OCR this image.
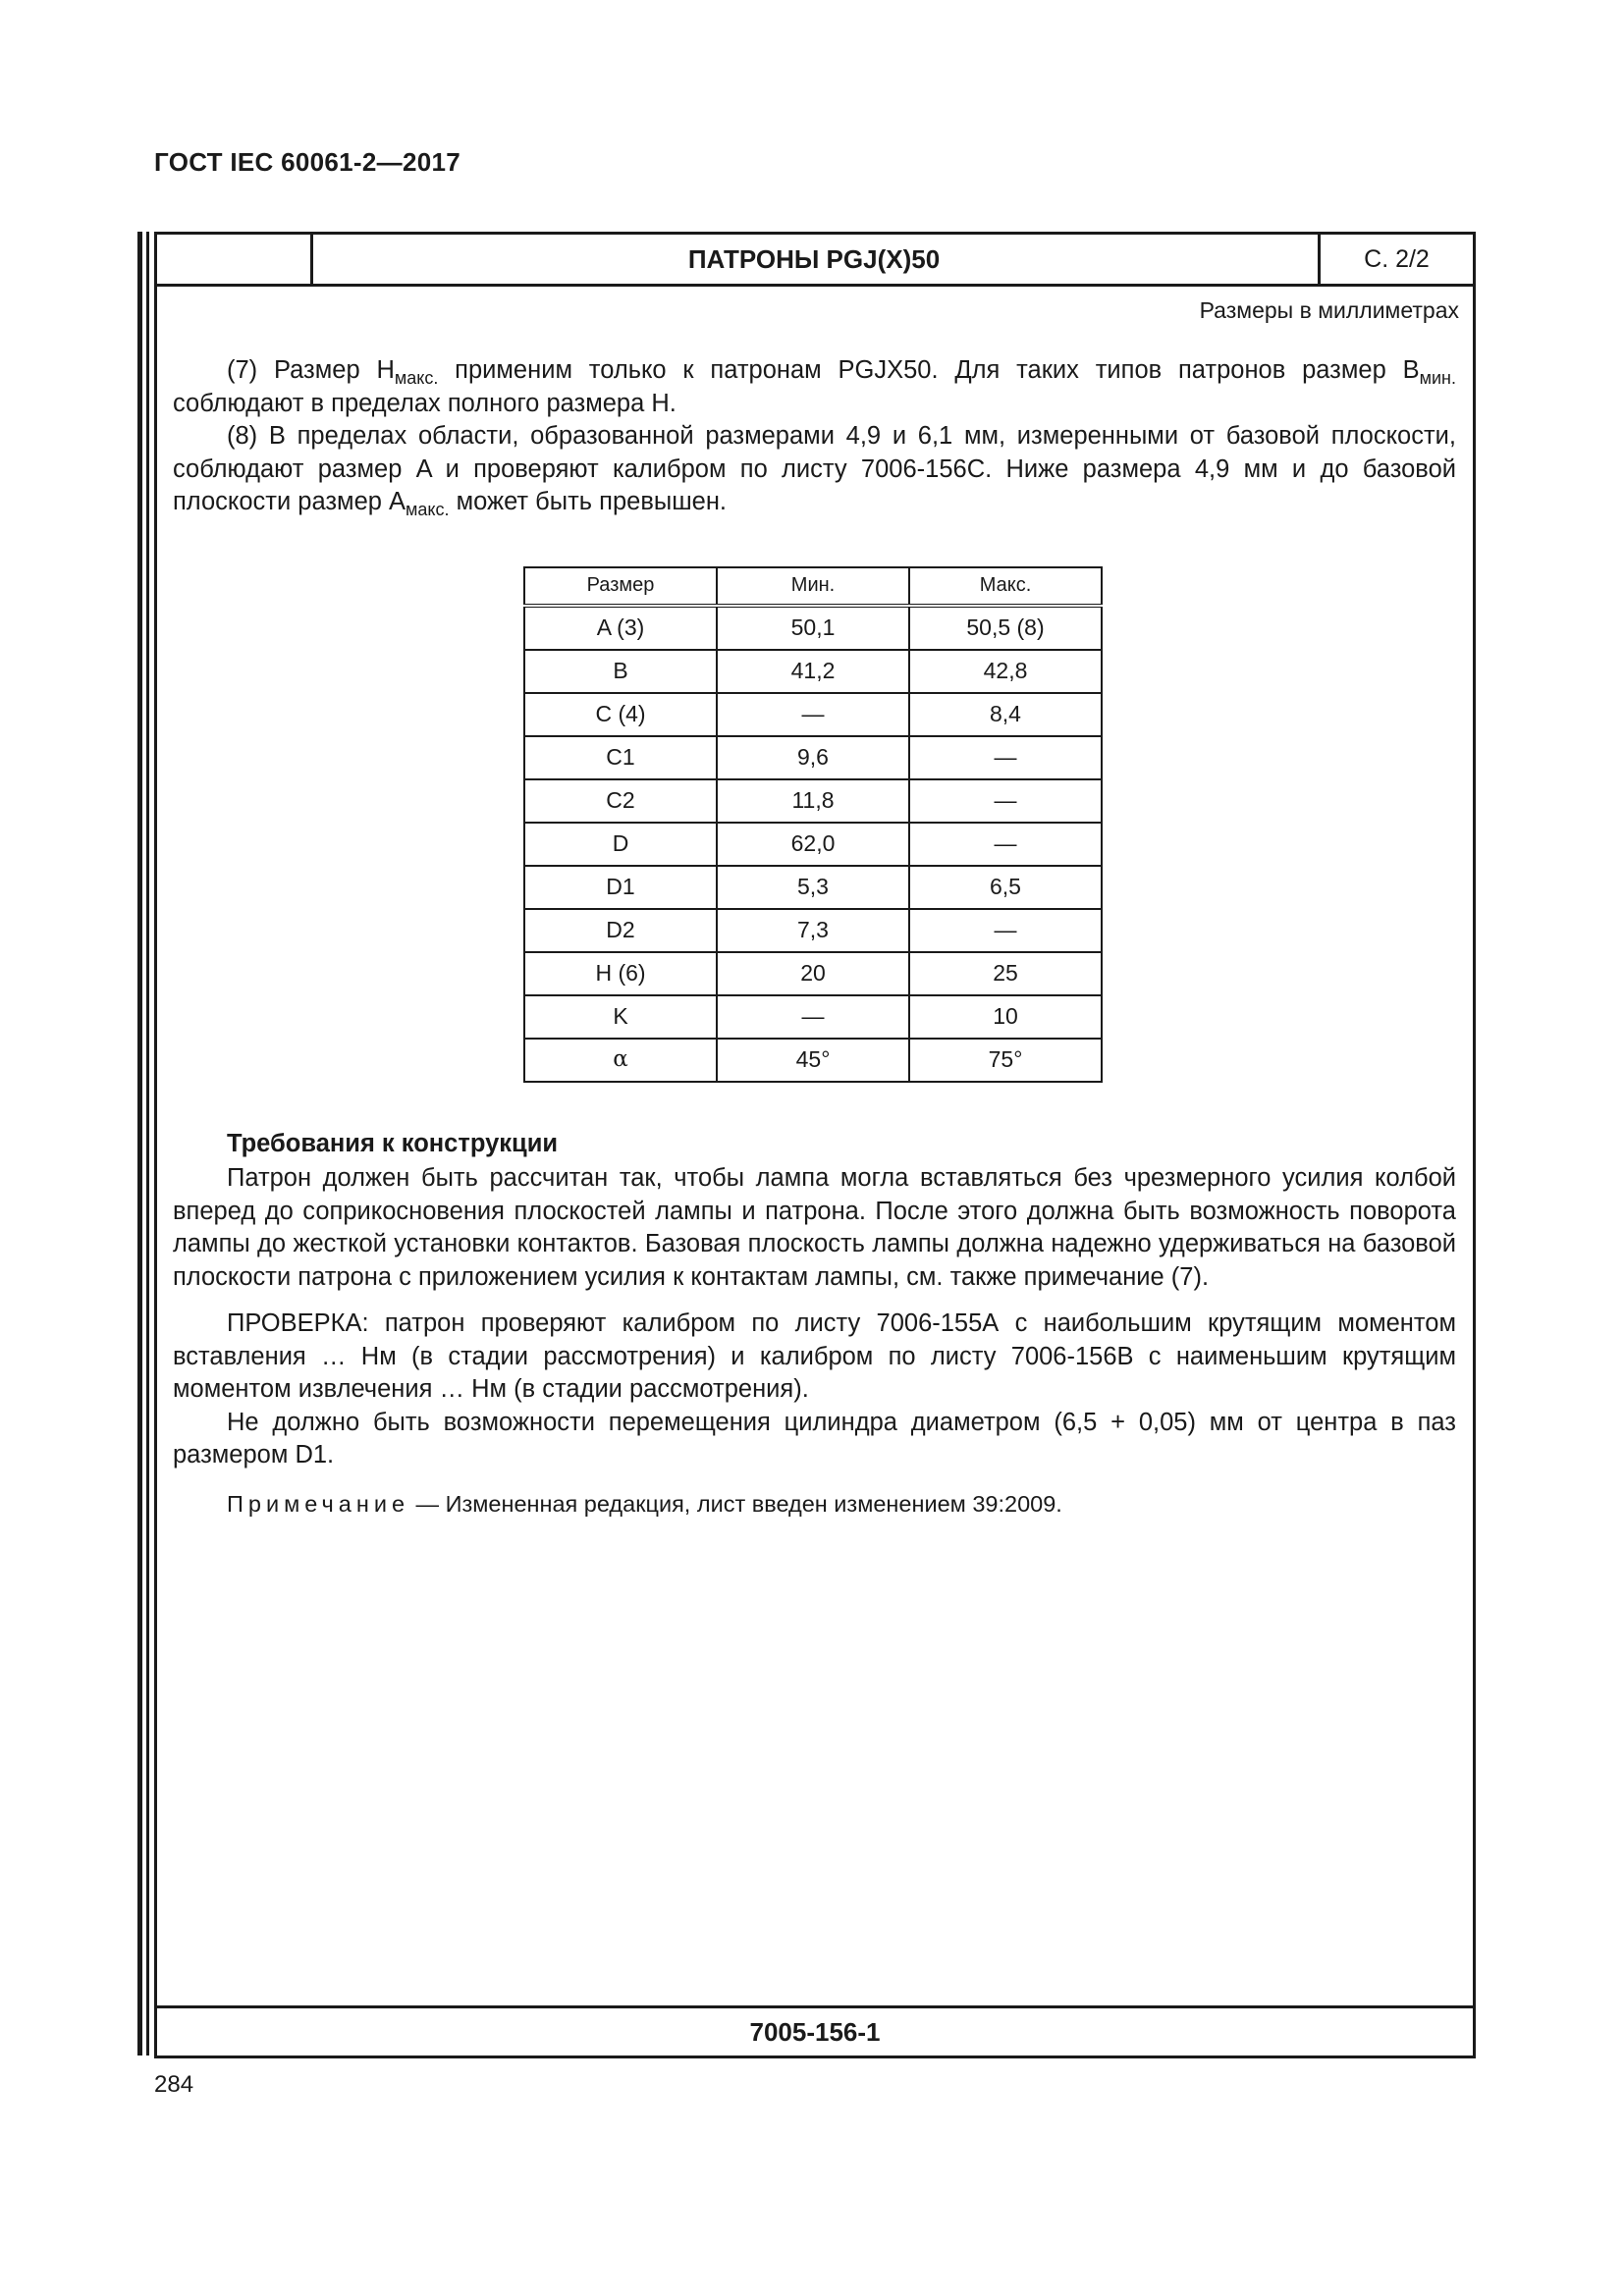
ГОСТ IEC 60061-2—2017
ПАТРОНЫ PGJ(X)50	С. 2/2
Размеры в миллиметрах

(7) Размер $H_{макс.}$ применим только к патронам PGJX50. Для таких типов патронов размер $B_{мин.}$ соблюдают в пределах полного размера H.

(8) В пределах области, образованной размерами 4,9 и 6,1 мм, измеренными от базовой плоскости, соблюдают размер A и проверяют калибром по листу 7006-156С. Ниже размера 4,9 мм и до базовой плоскости размер $A_{макс.}$ может быть превышен.

Размер	Мин.	Макс.
A (3)	50,1	50,5 (8)
B	41,2	42,8
C (4)	—	8,4
C1	9,6	—
C2	11,8	—
D	62,0	—
D1	5,3	6,5
D2	7,3	—
H (6)	20	25
K	—	10
α	45°	75°
Требования к конструкции

Патрон должен быть рассчитан так, чтобы лампа могла вставляться без чрезмерного усилия колбой вперед до соприкосновения плоскостей лампы и патрона. После этого должна быть возможность поворота лампы до жесткой установки контактов. Базовая плоскость лампы должна надежно удерживаться на базовой плоскости патрона с приложением усилия к контактам лампы, см. также примечание (7).

ПРОВЕРКА: патрон проверяют калибром по листу 7006-155А с наибольшим крутящим моментом вставления … Нм (в стадии рассмотрения) и калибром по листу 7006-156В с наименьшим крутящим моментом извлечения … Нм (в стадии рассмотрения).

Не должно быть возможности перемещения цилиндра диаметром (6,5 + 0,05) мм от центра в паз размером D1.

Примечание — Измененная редакция, лист введен изменением 39:2009.
7005-156-1
284
